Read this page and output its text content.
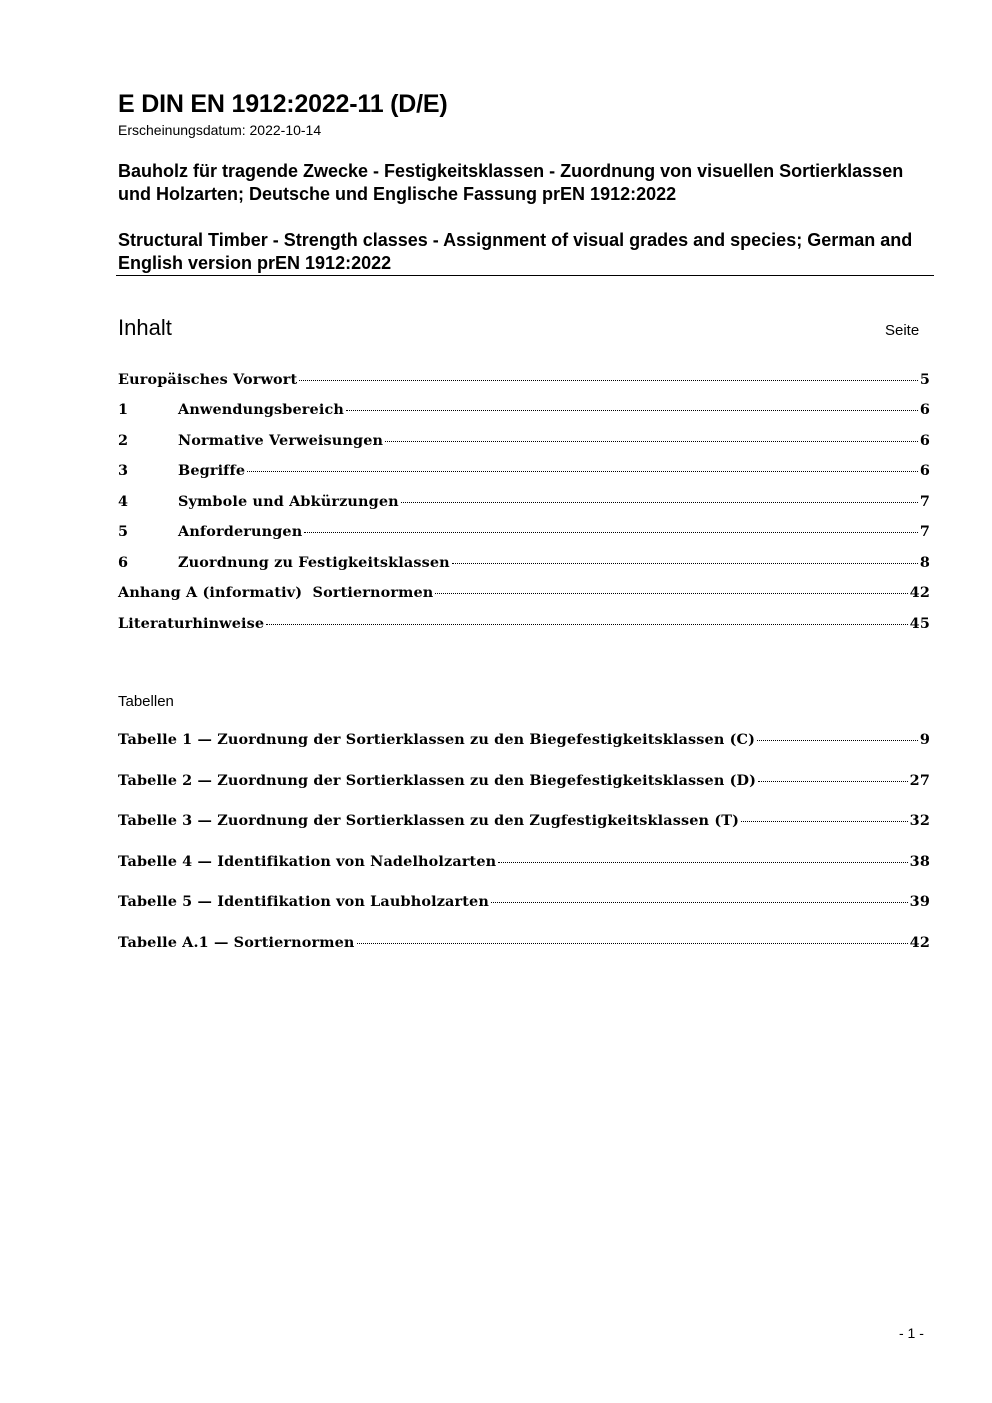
E DIN EN 1912:2022-11 (D/E)
Erscheinungsdatum: 2022-10-14
Bauholz für tragende Zwecke - Festigkeitsklassen - Zuordnung von visuellen Sortierklassen und Holzarten; Deutsche und Englische Fassung prEN 1912:2022
Structural Timber - Strength classes - Assignment of visual grades and species; German and English version prEN 1912:2022
Inhalt	Seite
Europäisches Vorwort	5
1	Anwendungsbereich	6
2	Normative Verweisungen	6
3	Begriffe	6
4	Symbole und Abkürzungen	7
5	Anforderungen	7
6	Zuordnung zu Festigkeitsklassen	8
Anhang A (informativ)  Sortiernormen	42
Literaturhinweise	45
Tabellen
Tabelle 1 — Zuordnung der Sortierklassen zu den Biegefestigkeitsklassen (C)	9
Tabelle 2 — Zuordnung der Sortierklassen zu den Biegefestigkeitsklassen (D)	27
Tabelle 3 — Zuordnung der Sortierklassen zu den Zugfestigkeitsklassen (T)	32
Tabelle 4 — Identifikation von Nadelholzarten	38
Tabelle 5 — Identifikation von Laubholzarten	39
Tabelle A.1 — Sortiernormen	42
- 1 -
